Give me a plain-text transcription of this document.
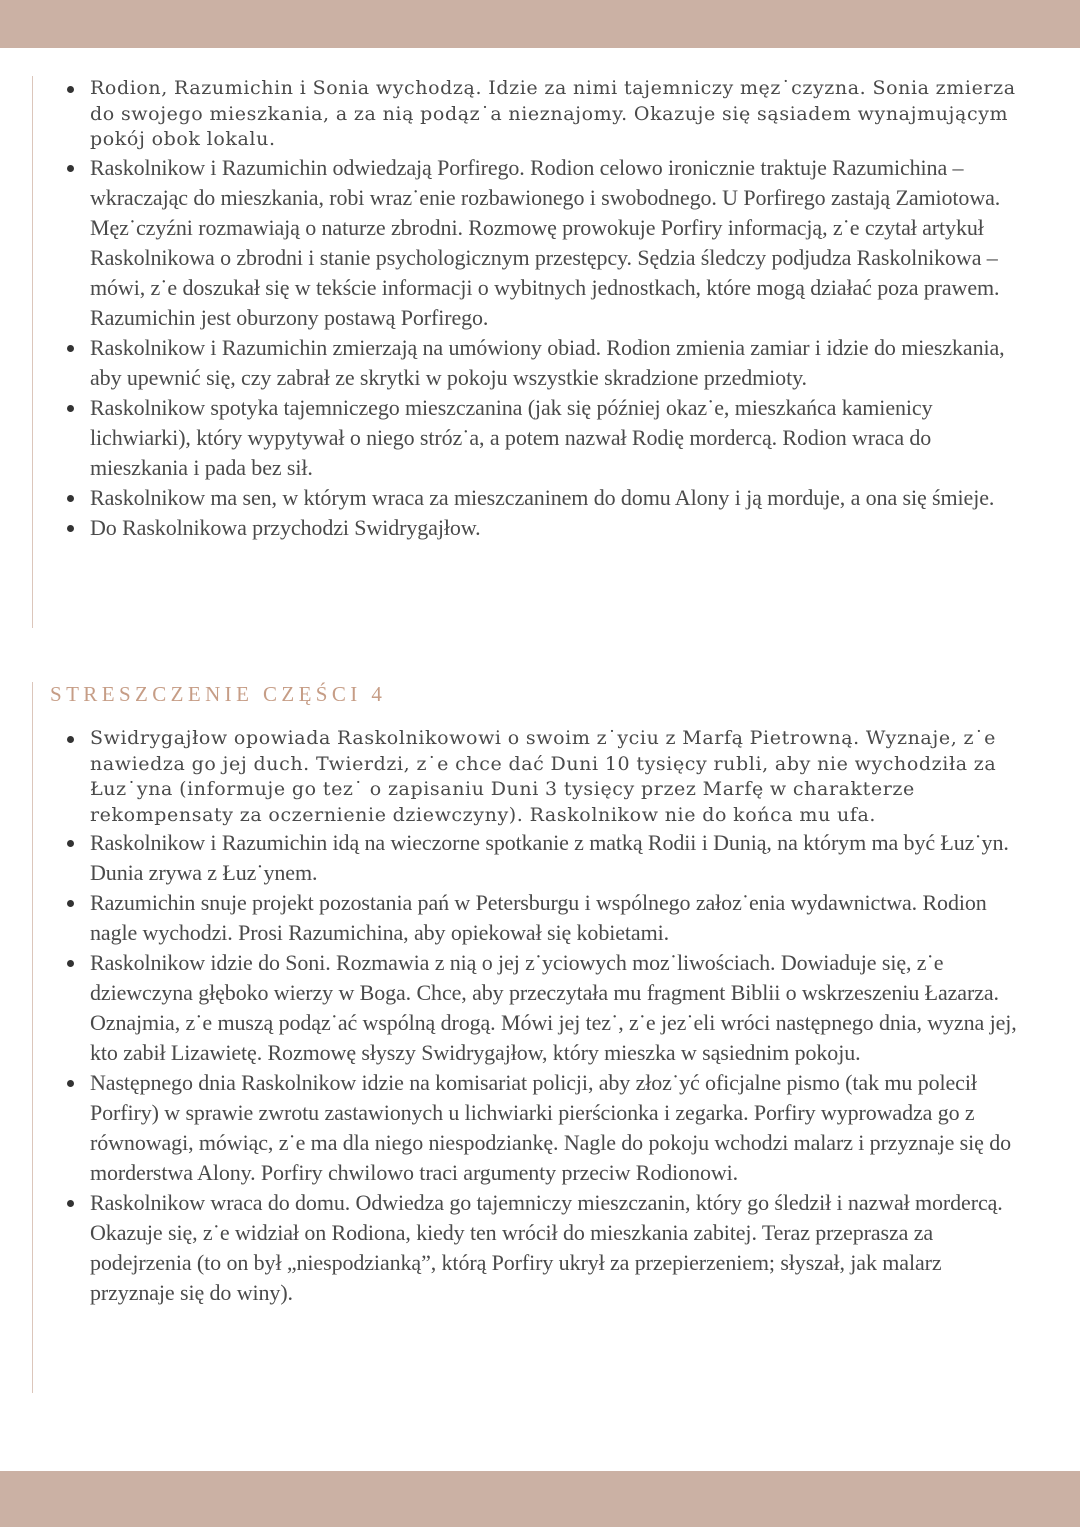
Rodion, Razumichin i Sonia wychodzą. Idzie za nimi tajemniczy męz˙czyzna. Sonia zmierza do swojego mieszkania, a za nią podąz˙a nieznajomy. Okazuje się sąsiadem wynajmującym pokój obok lokalu.
Raskolnikow i Razumichin odwiedzają Porfirego. Rodion celowo ironicznie traktuje Razumichina – wkraczając do mieszkania, robi wraz˙enie rozbawionego i swobodnego. U Porfirego zastają Zamiotowa. Męz˙czyźni rozmawiają o naturze zbrodni. Rozmowę prowokuje Porfiry informacją, z˙e czytał artykuł Raskolnikowa o zbrodni i stanie psychologicznym przestępcy. Sędzia śledczy podjudza Raskolnikowa – mówi, z˙e doszukał się w tekście informacji o wybitnych jednostkach, które mogą działać poza prawem. Razumichin jest oburzony postawą Porfirego.
Raskolnikow i Razumichin zmierzają na umówiony obiad. Rodion zmienia zamiar i idzie do mieszkania, aby upewnić się, czy zabrał ze skrytki w pokoju wszystkie skradzione przedmioty.
Raskolnikow spotyka tajemniczego mieszczanina (jak się później okaz˙e, mieszkańca kamienicy lichwiarki), który wypytywał o niego stróz˙a, a potem nazwał Rodię mordercą. Rodion wraca do mieszkania i pada bez sił.
Raskolnikow ma sen, w którym wraca za mieszczaninem do domu Alony i ją morduje, a ona się śmieje.
Do Raskolnikowa przychodzi Swidrygajłow.
STRESZCZENIE CZĘŚCI 4
Swidrygajłow opowiada Raskolnikowowi o swoim z˙yciu z Marfą Pietrowną. Wyznaje, z˙e nawiedza go jej duch. Twierdzi, z˙e chce dać Duni 10 tysięcy rubli, aby nie wychodziła za Łuz˙yna (informuje go tez˙ o zapisaniu Duni 3 tysięcy przez Marfę w charakterze rekompensaty za oczernienie dziewczyny). Raskolnikow nie do końca mu ufa.
Raskolnikow i Razumichin idą na wieczorne spotkanie z matką Rodii i Dunią, na którym ma być Łuz˙yn. Dunia zrywa z Łuz˙ynem.
Razumichin snuje projekt pozostania pań w Petersburgu i wspólnego załoz˙enia wydawnictwa. Rodion nagle wychodzi. Prosi Razumichina, aby opiekował się kobietami.
Raskolnikow idzie do Soni. Rozmawia z nią o jej z˙yciowych moz˙liwościach. Dowiaduje się, z˙e dziewczyna głęboko wierzy w Boga. Chce, aby przeczytała mu fragment Biblii o wskrzeszeniu Łazarza. Oznajmia, z˙e muszą podąz˙ać wspólną drogą. Mówi jej tez˙, z˙e jez˙eli wróci następnego dnia, wyzna jej, kto zabił Lizawietę. Rozmowę słyszy Swidrygajłow, który mieszka w sąsiednim pokoju.
Następnego dnia Raskolnikow idzie na komisariat policji, aby złoz˙yć oficjalne pismo (tak mu polecił Porfiry) w sprawie zwrotu zastawionych u lichwiarki pierścionka i zegarka. Porfiry wyprowadza go z równowagi, mówiąc, z˙e ma dla niego niespodziankę. Nagle do pokoju wchodzi malarz i przyznaje się do morderstwa Alony. Porfiry chwilowo traci argumenty przeciw Rodionowi.
Raskolnikow wraca do domu. Odwiedza go tajemniczy mieszczanin, który go śledził i nazwał mordercą. Okazuje się, z˙e widział on Rodiona, kiedy ten wrócił do mieszkania zabitej. Teraz przeprasza za podejrzenia (to on był „niespodzianką”, którą Porfiry ukrył za przepierzeniem; słyszał, jak malarz przyznaje się do winy).
